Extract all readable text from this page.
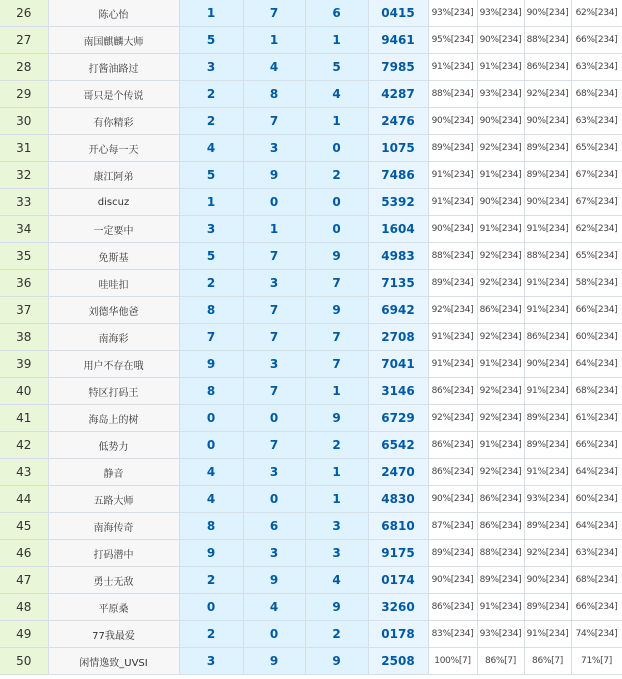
26	陈心怡	1	7	6	0415	93%[234]	93%[234]	90%[234]	62%[234]
27	南国麒麟大师	5	1	1	9461	95%[234]	90%[234]	88%[234]	66%[234]
28	打酱油路过	3	4	5	7985	91%[234]	91%[234]	86%[234]	63%[234]
29	哥只是个传说	2	8	4	4287	88%[234]	93%[234]	92%[234]	68%[234]
30	有你精彩	2	7	1	2476	90%[234]	90%[234]	90%[234]	63%[234]
31	开心每一天	4	3	0	1075	89%[234]	92%[234]	89%[234]	65%[234]
32	康江阿弟	5	9	2	7486	91%[234]	91%[234]	89%[234]	67%[234]
33	discuz	1	0	0	5392	91%[234]	90%[234]	90%[234]	67%[234]
34	一定要中	3	1	0	1604	90%[234]	91%[234]	91%[234]	62%[234]
35	免斯基	5	7	9	4983	88%[234]	92%[234]	88%[234]	65%[234]
36	哇哇扣	2	3	7	7135	89%[234]	92%[234]	91%[234]	58%[234]
37	刘德华他爸	8	7	9	6942	92%[234]	86%[234]	91%[234]	66%[234]
38	南海彩	7	7	7	2708	91%[234]	92%[234]	86%[234]	60%[234]
39	用户不存在哦	9	3	7	7041	91%[234]	91%[234]	90%[234]	64%[234]
40	特区打码王	8	7	1	3146	86%[234]	92%[234]	91%[234]	68%[234]
41	海岛上的树	0	0	9	6729	92%[234]	92%[234]	89%[234]	61%[234]
42	低势力	0	7	2	6542	86%[234]	91%[234]	89%[234]	66%[234]
43	静音	4	3	1	2470	86%[234]	92%[234]	91%[234]	64%[234]
44	五路大师	4	0	1	4830	90%[234]	86%[234]	93%[234]	60%[234]
45	南海传奇	8	6	3	6810	87%[234]	86%[234]	89%[234]	64%[234]
46	打码潜中	9	3	3	9175	89%[234]	88%[234]	92%[234]	63%[234]
47	勇士无敌	2	9	4	0174	90%[234]	89%[234]	90%[234]	68%[234]
48	平原桑	0	4	9	3260	86%[234]	91%[234]	89%[234]	66%[234]
49	77我最爱	2	0	2	0178	83%[234]	93%[234]	91%[234]	74%[234]
50	闲情逸致_UVSI	3	9	9	2508	100%[7]	86%[7]	86%[7]	71%[7]
